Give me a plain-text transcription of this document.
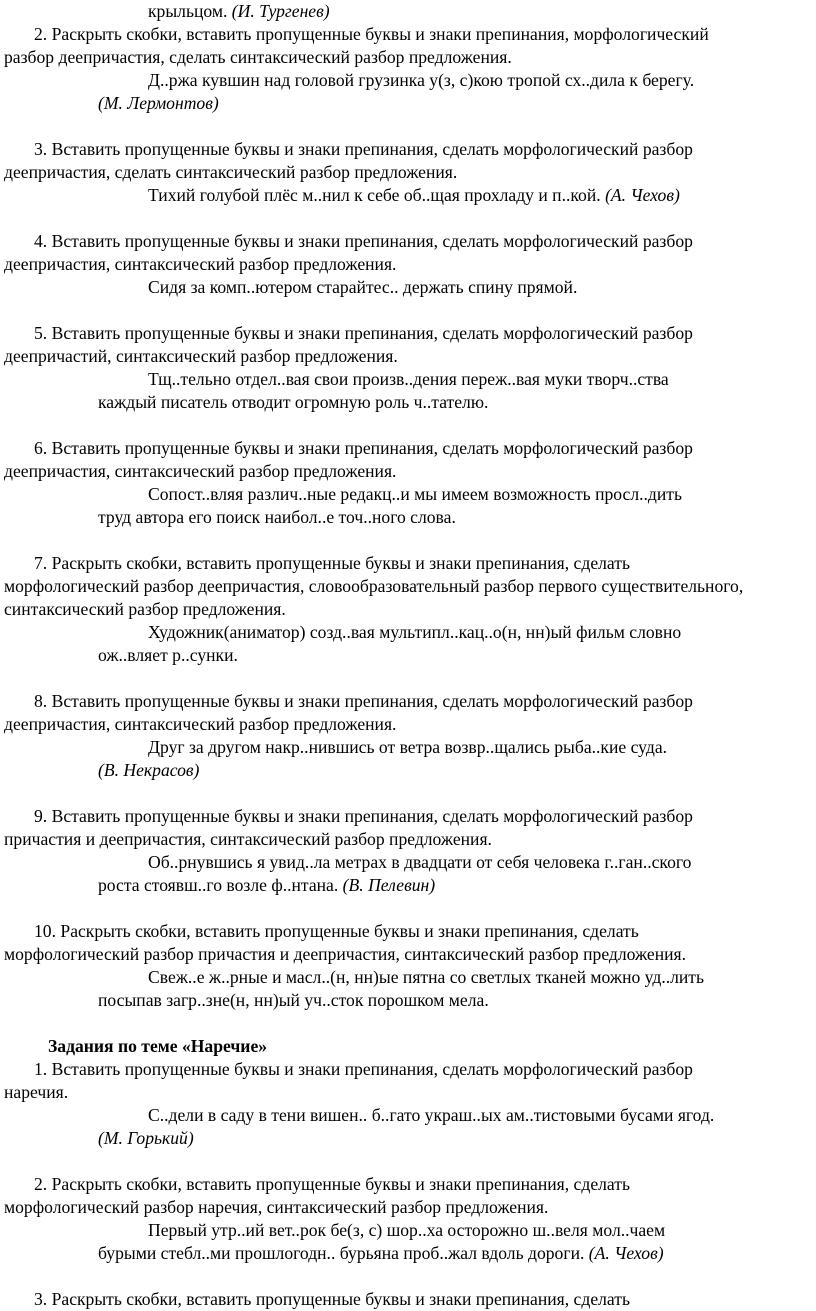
крыльцом. (И. Тургенев)
2. Раскрыть скобки, вставить пропущенные буквы и знаки препинания, морфологический
разбор деепричастия, сделать синтаксический разбор предложения.
Д..ржа кувшин над головой грузинка у(з, с)кою тропой сх..дила к берегу.
(М. Лермонтов)
3. Вставить пропущенные буквы и знаки препинания, сделать морфологический разбор
деепричастия, сделать синтаксический разбор предложения.
Тихий голубой плёс м..нил к себе об..щая прохладу и п..кой. (А. Чехов)
4. Вставить пропущенные буквы и знаки препинания, сделать морфологический разбор
деепричастия, синтаксический разбор предложения.
Сидя за комп..ютером старайтес.. держать спину прямой.
5. Вставить пропущенные буквы и знаки препинания, сделать морфологический разбор
деепричастий, синтаксический разбор предложения.
Тщ..тельно отдел..вая свои произв..дения переж..вая муки творч..ства
каждый писатель отводит огромную роль ч..тателю.
6. Вставить пропущенные буквы и знаки препинания, сделать морфологический разбор
деепричастия, синтаксический разбор предложения.
Сопост..вляя различ..ные редакц..и мы имеем возможность просл..дить
труд автора его поиск наибол..е точ..ного слова.
7. Раскрыть скобки, вставить пропущенные буквы и знаки препинания, сделать
морфологический разбор деепричастия, словообразовательный разбор первого существительного,
синтаксический разбор предложения.
Художник(аниматор) созд..вая мультипл..кац..о(н, нн)ый фильм словно
ож..вляет р..сунки.
8. Вставить пропущенные буквы и знаки препинания, сделать морфологический разбор
деепричастия, синтаксический разбор предложения.
Друг за другом накр..нившись от ветра возвр..щались рыба..кие суда.
(В. Некрасов)
9. Вставить пропущенные буквы и знаки препинания, сделать морфологический разбор
причастия и деепричастия, синтаксический разбор предложения.
Об..рнувшись я увид..ла метрах в двадцати от себя человека г..ган..ского
роста стоявш..го возле ф..нтана. (В. Пелевин)
10. Раскрыть скобки, вставить пропущенные буквы и знаки препинания, сделать
морфологический разбор причастия и деепричастия, синтаксический разбор предложения.
Свеж..е ж..рные и масл..(н, нн)ые пятна со светлых тканей можно уд..лить
посыпав загр..зне(н, нн)ый уч..сток порошком мела.
Задания по теме «Наречие»
1. Вставить пропущенные буквы и знаки препинания, сделать морфологический разбор
наречия.
С..дели в саду в тени вишен.. б..гато украш..ых ам..тистовыми бусами ягод.
(М. Горький)
2. Раскрыть скобки, вставить пропущенные буквы и знаки препинания, сделать
морфологический разбор наречия, синтаксический разбор предложения.
Первый утр..ий вет..рок бе(з, с) шор..ха осторожно ш..веля мол..чаем
бурыми стебл..ми прошлогодн.. бурьяна проб..жал вдоль дороги. (А. Чехов)
3. Раскрыть скобки, вставить пропущенные буквы и знаки препинания, сделать
